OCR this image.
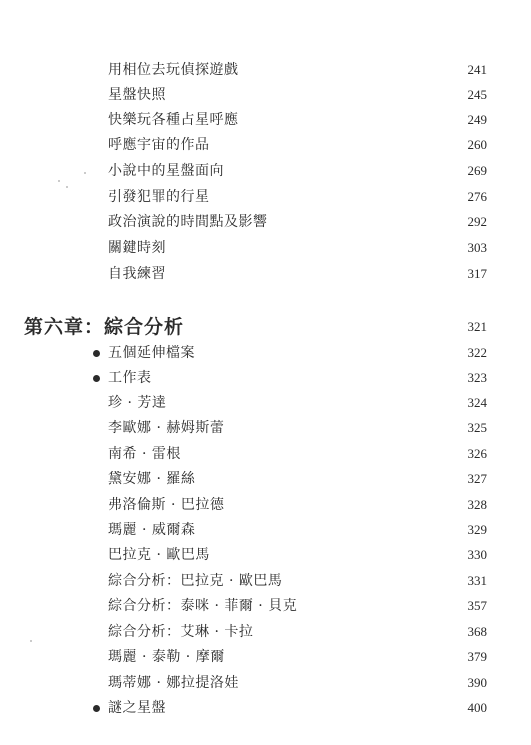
用相位去玩偵探遊戲	241
星盤快照	245
快樂玩各種占星呼應	249
呼應宇宙的作品	260
小說中的星盤面向	269
引發犯罪的行星	276
政治演說的時間點及影響	292
關鍵時刻	303
自我練習	317
第六章：綜合分析	321
五個延伸檔案	322
工作表	323
珍 · 芳達	324
李歐娜 · 赫姆斯蕾	325
南希 · 雷根	326
黛安娜 · 羅絲	327
弗洛倫斯 · 巴拉德	328
瑪麗 · 威爾森	329
巴拉克 · 歐巴馬	330
綜合分析：巴拉克 · 歐巴馬	331
綜合分析：泰咪 · 菲爾 · 貝克	357
綜合分析：艾琳 · 卡拉	368
瑪麗 · 泰勒 · 摩爾	379
瑪蒂娜 · 娜拉提洛娃	390
謎之星盤	400
